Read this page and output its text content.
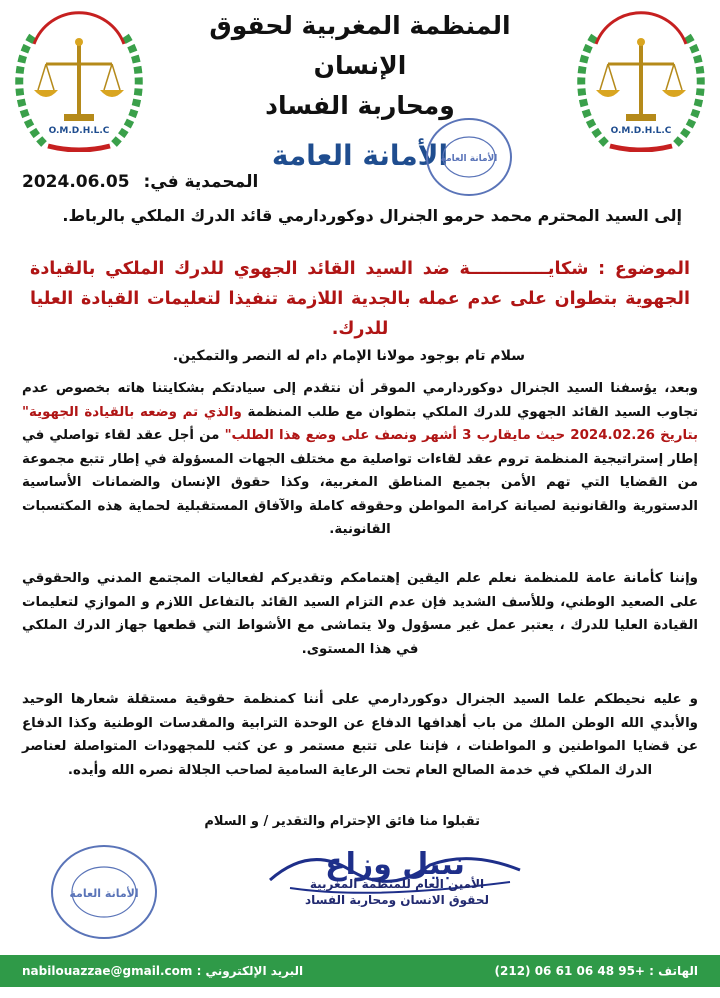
O.M.D.H.L.C	O.M.D.H.L.C
المنظمة المغربية لحقوق الإنسان
ومحاربة الفساد
الأمانة العامة
الأمانة العامة
المحمدية في: 2024.06.05
إلى السيد المحترم محمد حرمو الجنرال دوكوردارمي قائد الدرك الملكي بالرباط.
الموضوع : شكايـــــــــــــة ضد السيد القائد الجهوي للدرك الملكي بالقيادة الجهوية بتطوان على عدم عمله بالجدية اللازمة تنفيذا لتعليمات القيادة العليا للدرك.
سلام تام بوجود مولانا الإمام دام له النصر والتمكين.
وبعد، يؤسفنا السيد الجنرال دوكوردارمي الموقر أن نتقدم إلى سيادتكم بشكايتنا هاته بخصوص عدم تجاوب السيد القائد الجهوي للدرك الملكي بتطوان مع طلب المنظمة والذي تم وضعه بالقيادة الجهوية" بتاريخ 2024.02.26 حيث مايقارب 3 أشهر ونصف على وضع هذا الطلب" من أجل عقد لقاء تواصلي في إطار إستراتيجية المنظمة تروم عقد لقاءات تواصلية مع مختلف الجهات المسؤولة في إطار تتبع مجموعة من القضايا التي تهم الأمن بجميع المناطق المغربية، وكذا حقوق الإنسان والضمانات الأساسية الدستورية والقانونية لصيانة كرامة المواطن وحقوقه كاملة والآفاق المستقبلية لحماية هذه المكتسبات القانونية.
وإننا كأمانة عامة للمنظمة نعلم علم اليقين إهتمامكم وتقديركم لفعاليات المجتمع المدني والحقوقي على الصعيد الوطني، وللأسف الشديد فإن عدم التزام السيد القائد بالتفاعل اللازم و الموازي لتعليمات القيادة العليا للدرك ، يعتبر عمل غير مسؤول ولا يتماشى مع الأشواط التي قطعها جهاز الدرك الملكي في هذا المستوى.
و عليه نحيطكم علما السيد الجنرال دوكوردارمي على أننا كمنظمة حقوقية مستقلة شعارها الوحيد والأبدي الله الوطن الملك من باب أهدافها الدفاع عن الوحدة الترابية والمقدسات الوطنية وكذا الدفاع عن قضايا المواطنين و المواطنات ، فإننا على تتبع مستمر و عن كثب للمجهودات المتواصلة لعناصر الدرك الملكي في خدمة الصالح العام تحت الرعاية السامية لصاحب الجلالة نصره الله وأيده.
تقبلوا منا فائق الإحترام والتقدير / و السلام
الأمانة العامة
نبيل وزاع
الأمين العام للمنظمة المغربية
لحقوق الانسان ومحاربة الفساد
الهاتف : (212) 06 61 06 48 95+
البريد الإلكتروني : nabilouazzae@gmail.com
